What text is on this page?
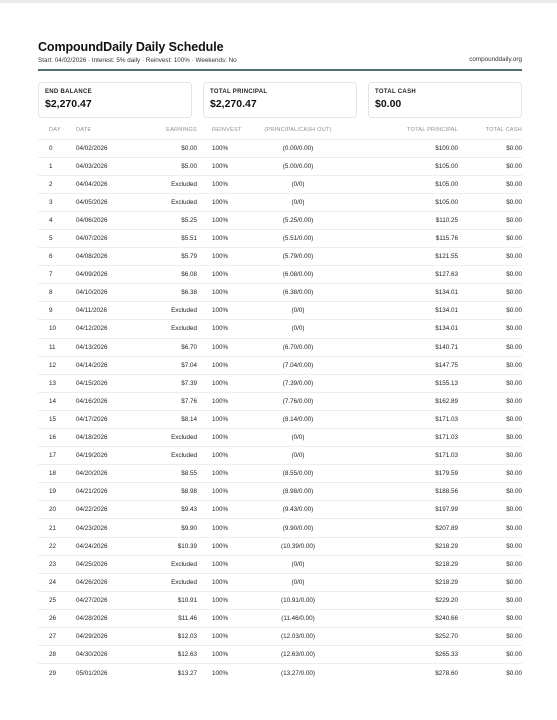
CompoundDaily Daily Schedule
Start: 04/02/2026 · Interest: 5% daily · Reinvest: 100% · Weekends: No	compounddaily.org
END BALANCE
$2,270.47
TOTAL PRINCIPAL
$2,270.47
TOTAL CASH
$0.00
DAY	DATE	EARNINGS	REINVEST	(PRINCIPAL/CASH OUT)	TOTAL PRINCIPAL	TOTAL CASH
0	04/02/2026	$0.00	100%	(0.00/0.00)	$100.00	$0.00
1	04/03/2026	$5.00	100%	(5.00/0.00)	$105.00	$0.00
2	04/04/2026	Excluded	100%	(0/0)	$105.00	$0.00
3	04/05/2026	Excluded	100%	(0/0)	$105.00	$0.00
4	04/06/2026	$5.25	100%	(5.25/0.00)	$110.25	$0.00
5	04/07/2026	$5.51	100%	(5.51/0.00)	$115.76	$0.00
6	04/08/2026	$5.79	100%	(5.79/0.00)	$121.55	$0.00
7	04/09/2026	$6.08	100%	(6.08/0.00)	$127.63	$0.00
8	04/10/2026	$6.38	100%	(6.38/0.00)	$134.01	$0.00
9	04/11/2026	Excluded	100%	(0/0)	$134.01	$0.00
10	04/12/2026	Excluded	100%	(0/0)	$134.01	$0.00
11	04/13/2026	$6.70	100%	(6.70/0.00)	$140.71	$0.00
12	04/14/2026	$7.04	100%	(7.04/0.00)	$147.75	$0.00
13	04/15/2026	$7.39	100%	(7.39/0.00)	$155.13	$0.00
14	04/16/2026	$7.76	100%	(7.76/0.00)	$162.89	$0.00
15	04/17/2026	$8.14	100%	(8.14/0.00)	$171.03	$0.00
16	04/18/2026	Excluded	100%	(0/0)	$171.03	$0.00
17	04/19/2026	Excluded	100%	(0/0)	$171.03	$0.00
18	04/20/2026	$8.55	100%	(8.55/0.00)	$179.59	$0.00
19	04/21/2026	$8.98	100%	(8.98/0.00)	$188.56	$0.00
20	04/22/2026	$9.43	100%	(9.43/0.00)	$197.99	$0.00
21	04/23/2026	$9.90	100%	(9.90/0.00)	$207.89	$0.00
22	04/24/2026	$10.39	100%	(10.39/0.00)	$218.29	$0.00
23	04/25/2026	Excluded	100%	(0/0)	$218.29	$0.00
24	04/26/2026	Excluded	100%	(0/0)	$218.29	$0.00
25	04/27/2026	$10.91	100%	(10.91/0.00)	$229.20	$0.00
26	04/28/2026	$11.46	100%	(11.46/0.00)	$240.66	$0.00
27	04/29/2026	$12.03	100%	(12.03/0.00)	$252.70	$0.00
28	04/30/2026	$12.63	100%	(12.63/0.00)	$265.33	$0.00
29	05/01/2026	$13.27	100%	(13.27/0.00)	$278.60	$0.00
